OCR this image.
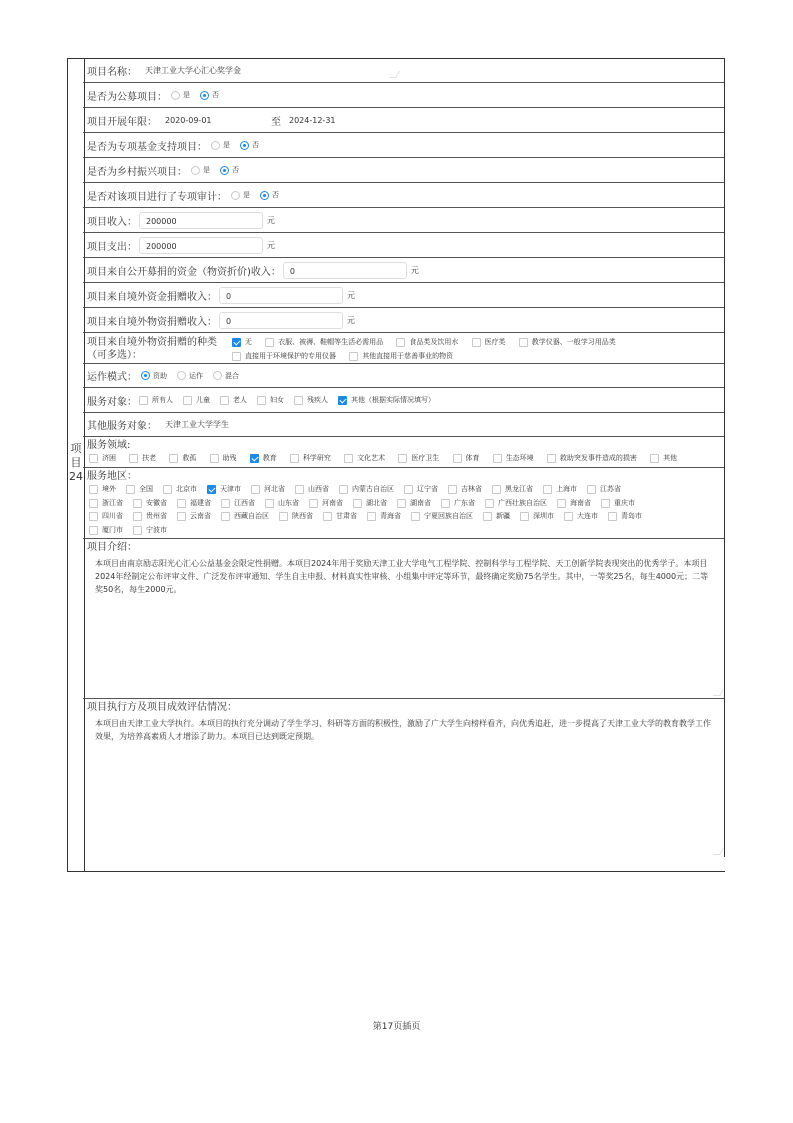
项
目
24
项目名称： 天津工业大学心汇心奖学金
是否为公募项目： 是	否
项目开展年限： 2020-09-01	至 2024-12-31
是否为专项基金支持项目： 是	否
是否为乡村振兴项目： 是	否
是否对该项目进行了专项审计： 是	否
项目收入：	200000	元
项目支出：	200000	元
项目来自公开募捐的资金（物资折价)收入：	0	元
项目来自境外资金捐赠收入：	0	元
项目来自境外物资捐赠收入：	0	元
项目来自境外物资捐赠的种类
（可多选）：
无	衣服、被褥、鞋帽等生活必需用品	食品类及饮用水	医疗类	教学仪器、一般学习用品类
直接用于环境保护的专用仪器	其他直接用于慈善事业的物资
运作模式： 资助	运作	混合
服务对象： 所有人	儿童	老人	妇女	残疾人	其他（根据实际情况填写）
其他服务对象： 天津工业大学学生
服务领域:
济困	扶老	救孤	助残	教育	科学研究	文化艺术	医疗卫生	体育	生态环境	救助突发事件造成的损害	其他
服务地区：
境外	全国	北京市	天津市	河北省	山西省	内蒙古自治区	辽宁省	吉林省	黑龙江省	上海市	江苏省
浙江省	安徽省	福建省	江西省	山东省	河南省	湖北省	湖南省	广东省	广西壮族自治区	海南省	重庆市
四川省	贵州省	云南省	西藏自治区	陕西省	甘肃省	青海省	宁夏回族自治区	新疆	深圳市	大连市	青岛市
厦门市	宁波市
项目介绍：
本项目由南京励志阳光心汇心公益基金会限定性捐赠。本项目2024年用于奖励天津工业大学电气工程学院、控制科学与工程学院、天工创新学院表现突出的优秀学子。本项目2024年经制定公布评审文件、广泛发布评审通知、学生自主申报、材料真实性审核、小组集中评定等环节，最终确定奖励75名学生。其中，一等奖25名，每生4000元；二等奖50名，每生2000元。
项目执行方及项目成效评估情况：
本项目由天津工业大学执行。本项目的执行充分调动了学生学习、科研等方面的积极性，激励了广大学生向榜样看齐，向优秀追赶，进一步提高了天津工业大学的教育教学工作效果，为培养高素质人才增添了助力。本项目已达到既定预期。
第17页插页
